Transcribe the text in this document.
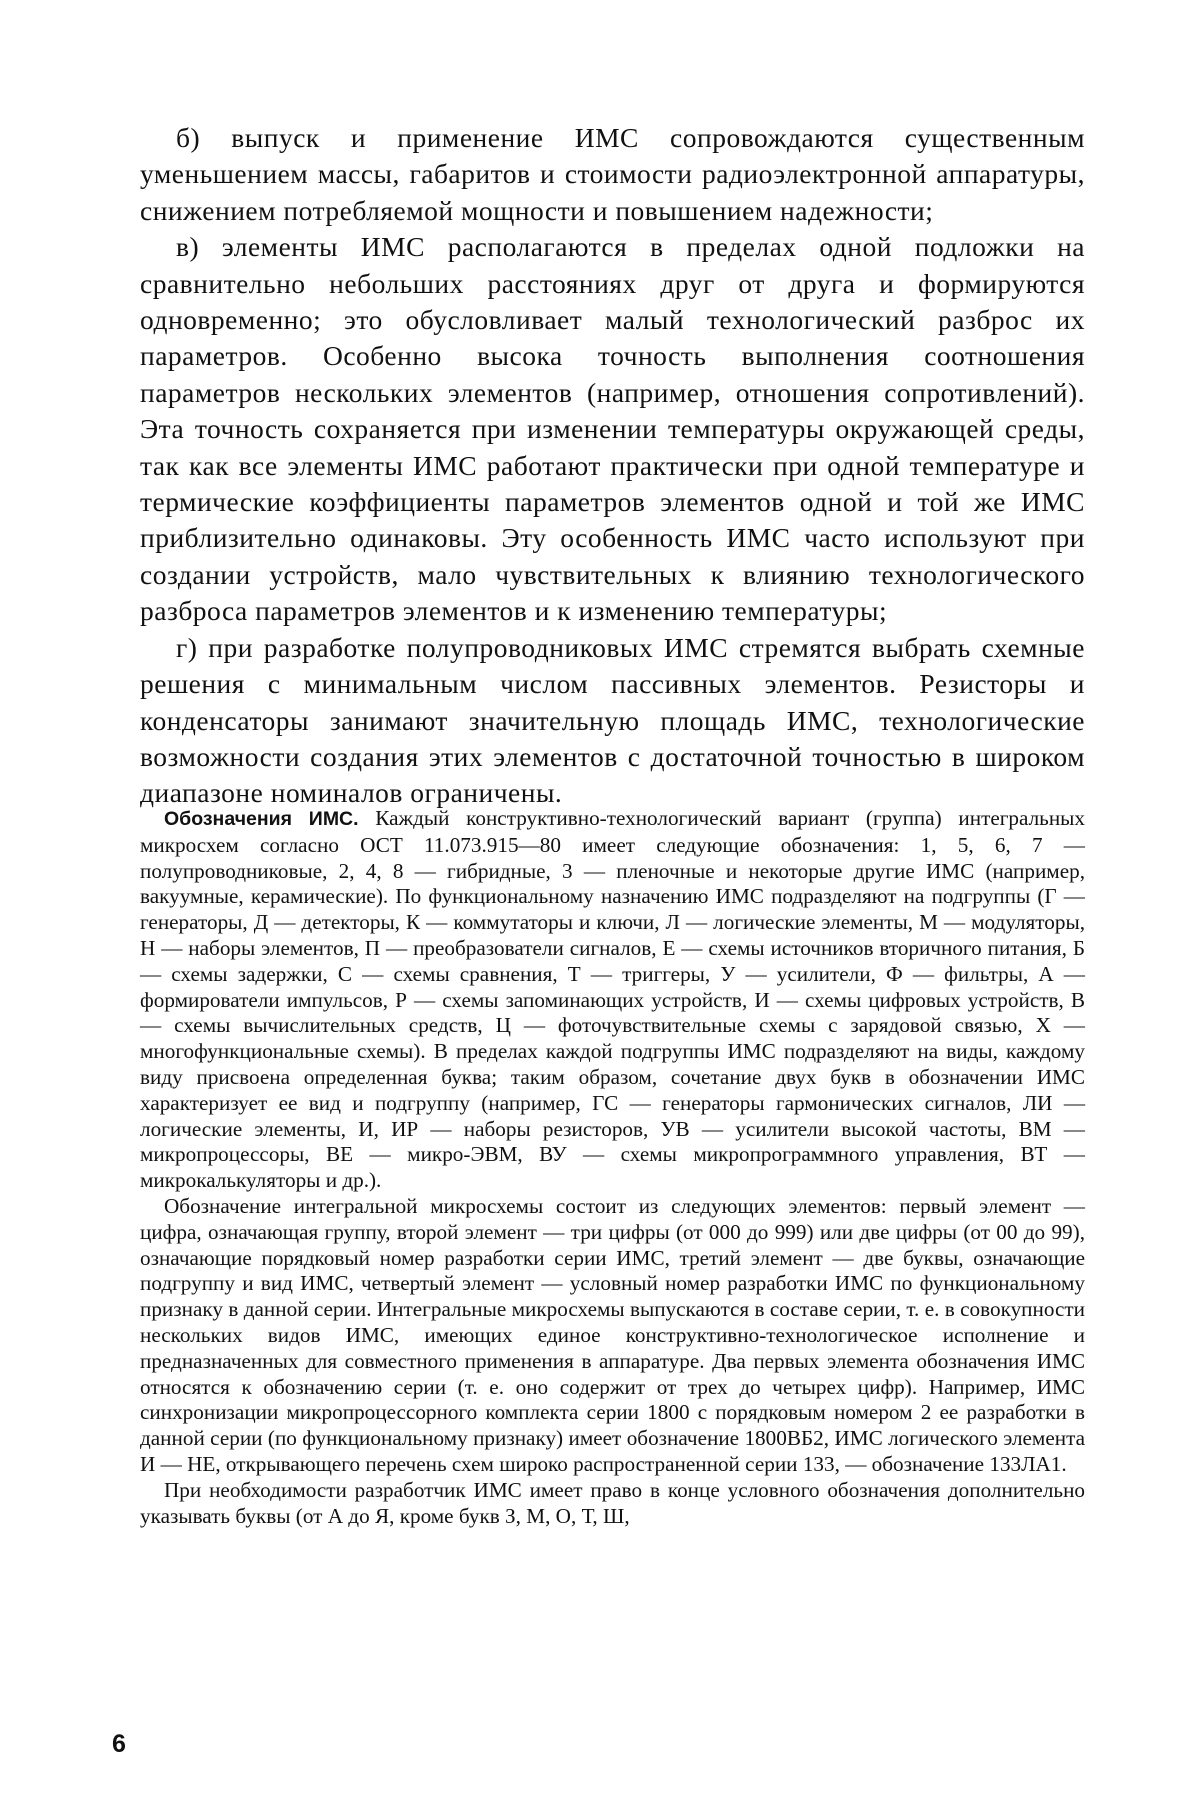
б) выпуск и применение ИМС сопровождаются существенным уменьшением массы, габаритов и стоимости радиоэлектронной аппаратуры, снижением потребляемой мощности и повышением надежности;

в) элементы ИМС располагаются в пределах одной подложки на сравнительно небольших расстояниях друг от друга и формируются одновременно; это обусловливает малый технологический разброс их параметров. Особенно высока точность выполнения соотношения параметров нескольких элементов (например, отношения сопротивлений). Эта точность сохраняется при изменении температуры окружающей среды, так как все элементы ИМС работают практически при одной температуре и термические коэффициенты параметров элементов одной и той же ИМС приблизительно одинаковы. Эту особенность ИМС часто используют при создании устройств, мало чувствительных к влиянию технологического разброса параметров элементов и к изменению температуры;

г) при разработке полупроводниковых ИМС стремятся выбрать схемные решения с минимальным числом пассивных элементов. Резисторы и конденсаторы занимают значительную площадь ИМС, технологические возможности создания этих элементов с достаточной точностью в широком диапазоне номиналов ограничены.

Обозначения ИМС. Каждый конструктивно-технологический вариант (группа) интегральных микросхем согласно ОСТ 11.073.915—80 имеет следующие обозначения: 1, 5, 6, 7 — полупроводниковые, 2, 4, 8 — гибридные, 3 — пленочные и некоторые другие ИМС (например, вакуумные, керамические). По функциональному назначению ИМС подразделяют на подгруппы (Г — генераторы, Д — детекторы, К — коммутаторы и ключи, Л — логические элементы, М — модуляторы, Н — наборы элементов, П — преобразователи сигналов, Е — схемы источников вторичного питания, Б — схемы задержки, С — схемы сравнения, Т — триггеры, У — усилители, Ф — фильтры, А — формирователи импульсов, Р — схемы запоминающих устройств, И — схемы цифровых устройств, В — схемы вычислительных средств, Ц — фоточувствительные схемы с зарядовой связью, Х — многофункциональные схемы). В пределах каждой подгруппы ИМС подразделяют на виды, каждому виду присвоена определенная буква; таким образом, сочетание двух букв в обозначении ИМС характеризует ее вид и подгруппу (например, ГС — генераторы гармонических сигналов, ЛИ — логические элементы, И, ИР — наборы резисторов, УВ — усилители высокой частоты, ВМ — микропроцессоры, ВЕ — микро-ЭВМ, ВУ — схемы микропрограммного управления, ВТ — микрокалькуляторы и др.).

Обозначение интегральной микросхемы состоит из следующих элементов: первый элемент — цифра, означающая группу, второй элемент — три цифры (от 000 до 999) или две цифры (от 00 до 99), означающие порядковый номер разработки серии ИМС, третий элемент — две буквы, означающие подгруппу и вид ИМС, четвертый элемент — условный номер разработки ИМС по функциональному признаку в данной серии. Интегральные микросхемы выпускаются в составе серии, т. е. в совокупности нескольких видов ИМС, имеющих единое конструктивно-технологическое исполнение и предназначенных для совместного применения в аппаратуре. Два первых элемента обозначения ИМС относятся к обозначению серии (т. е. оно содержит от трех до четырех цифр). Например, ИМС синхронизации микропроцессорного комплекта серии 1800 с порядковым номером 2 ее разработки в данной серии (по функциональному признаку) имеет обозначение 1800ВБ2, ИМС логического элемента И — НЕ, открывающего перечень схем широко распространенной серии 133, — обозначение 133ЛА1.

При необходимости разработчик ИМС имеет право в конце условного обозначения дополнительно указывать буквы (от А до Я, кроме букв З, М, О, Т, Ш,

6
